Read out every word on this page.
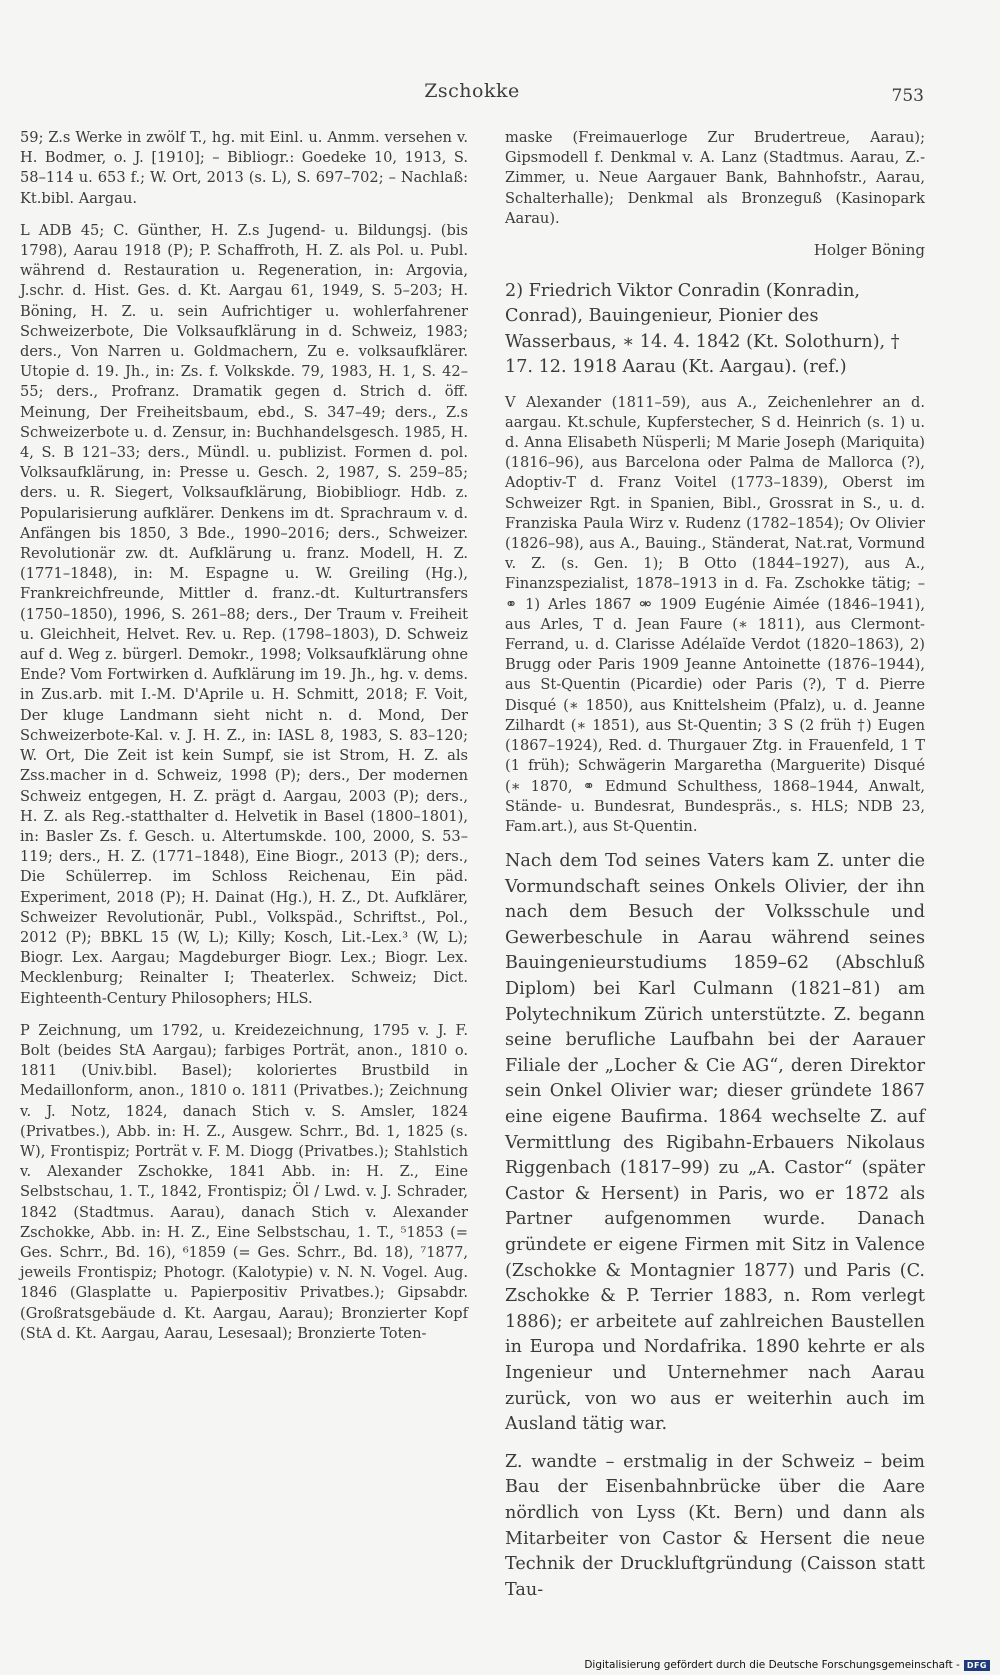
Zschokke	753

59; Z.s Werke in zwölf T., hg. mit Einl. u. Anmm. versehen v. H. Bodmer, o. J. [1910]; – Bibliogr.: Goedeke 10, 1913, S. 58–114 u. 653 f.; W. Ort, 2013 (s. L), S. 697–702; – Nachlaß: Kt.bibl. Aargau.

L ADB 45; C. Günther, H. Z.s Jugend- u. Bildungsj. (bis 1798), Aarau 1918 (P); P. Schaffroth, H. Z. als Pol. u. Publ. während d. Restauration u. Regeneration, in: Argovia, J.schr. d. Hist. Ges. d. Kt. Aargau 61, 1949, S. 5–203; H. Böning, H. Z. u. sein Aufrichtiger u. wohlerfahrener Schweizerbote, Die Volksaufklärung in d. Schweiz, 1983; ders., Von Narren u. Goldmachern, Zu e. volksaufklärer. Utopie d. 19. Jh., in: Zs. f. Volkskde. 79, 1983, H. 1, S. 42–55; ders., Profranz. Dramatik gegen d. Strich d. öff. Meinung, Der Freiheitsbaum, ebd., S. 347–49; ders., Z.s Schweizerbote u. d. Zensur, in: Buchhandelsgesch. 1985, H. 4, S. B 121–33; ders., Mündl. u. publizist. Formen d. pol. Volksaufklärung, in: Presse u. Gesch. 2, 1987, S. 259–85; ders. u. R. Siegert, Volksaufklärung, Biobibliogr. Hdb. z. Popularisierung aufklärer. Denkens im dt. Sprachraum v. d. Anfängen bis 1850, 3 Bde., 1990–2016; ders., Schweizer. Revolutionär zw. dt. Aufklärung u. franz. Modell, H. Z. (1771–1848), in: M. Espagne u. W. Greiling (Hg.), Frankreichfreunde, Mittler d. franz.-dt. Kulturtransfers (1750–1850), 1996, S. 261–88; ders., Der Traum v. Freiheit u. Gleichheit, Helvet. Rev. u. Rep. (1798–1803), D. Schweiz auf d. Weg z. bürgerl. Demokr., 1998; Volksaufklärung ohne Ende? Vom Fortwirken d. Aufklärung im 19. Jh., hg. v. dems. in Zus.arb. mit I.-M. D'Aprile u. H. Schmitt, 2018; F. Voit, Der kluge Landmann sieht nicht n. d. Mond, Der Schweizerbote-Kal. v. J. H. Z., in: IASL 8, 1983, S. 83–120; W. Ort, Die Zeit ist kein Sumpf, sie ist Strom, H. Z. als Zss.macher in d. Schweiz, 1998 (P); ders., Der modernen Schweiz entgegen, H. Z. prägt d. Aargau, 2003 (P); ders., H. Z. als Reg.-statthalter d. Helvetik in Basel (1800–1801), in: Basler Zs. f. Gesch. u. Altertumskde. 100, 2000, S. 53–119; ders., H. Z. (1771–1848), Eine Biogr., 2013 (P); ders., Die Schülerrep. im Schloss Reichenau, Ein päd. Experiment, 2018 (P); H. Dainat (Hg.), H. Z., Dt. Aufklärer, Schweizer Revolutionär, Publ., Volkspäd., Schriftst., Pol., 2012 (P); BBKL 15 (W, L); Killy; Kosch, Lit.-Lex.³ (W, L); Biogr. Lex. Aargau; Magdeburger Biogr. Lex.; Biogr. Lex. Mecklenburg; Reinalter I; Theaterlex. Schweiz; Dict. Eighteenth-Century Philosophers; HLS.

P Zeichnung, um 1792, u. Kreidezeichnung, 1795 v. J. F. Bolt (beides StA Aargau); farbiges Porträt, anon., 1810 o. 1811 (Univ.bibl. Basel); koloriertes Brustbild in Medaillonform, anon., 1810 o. 1811 (Privatbes.); Zeichnung v. J. Notz, 1824, danach Stich v. S. Amsler, 1824 (Privatbes.), Abb. in: H. Z., Ausgew. Schrr., Bd. 1, 1825 (s. W), Frontispiz; Porträt v. F. M. Diogg (Privatbes.); Stahlstich v. Alexander Zschokke, 1841 Abb. in: H. Z., Eine Selbstschau, 1. T., 1842, Frontispiz; Öl / Lwd. v. J. Schrader, 1842 (Stadtmus. Aarau), danach Stich v. Alexander Zschokke, Abb. in: H. Z., Eine Selbstschau, 1. T., ⁵1853 (= Ges. Schrr., Bd. 16), ⁶1859 (= Ges. Schrr., Bd. 18), ⁷1877, jeweils Frontispiz; Photogr. (Kalotypie) v. N. N. Vogel. Aug. 1846 (Glasplatte u. Papierpositiv Privatbes.); Gipsabdr. (Großratsgebäude d. Kt. Aargau, Aarau); Bronzierter Kopf (StA d. Kt. Aargau, Aarau, Lesesaal); Bronzierte Toten-

maske (Freimauerloge Zur Brudertreue, Aarau); Gipsmodell f. Denkmal v. A. Lanz (Stadtmus. Aarau, Z.-Zimmer, u. Neue Aargauer Bank, Bahnhofstr., Aarau, Schalterhalle); Denkmal als Bronzeguß (Kasinopark Aarau).

Holger Böning

2) Friedrich Viktor Conradin (Konradin, Conrad), Bauingenieur, Pionier des Wasserbaus, ∗ 14. 4. 1842 (Kt. Solothurn), † 17. 12. 1918 Aarau (Kt. Aargau). (ref.)

V Alexander (1811–59), aus A., Zeichenlehrer an d. aargau. Kt.schule, Kupferstecher, S d. Heinrich (s. 1) u. d. Anna Elisabeth Nüsperli; M Marie Joseph (Mariquita) (1816–96), aus Barcelona oder Palma de Mallorca (?), Adoptiv-T d. Franz Voitel (1773–1839), Oberst im Schweizer Rgt. in Spanien, Bibl., Grossrat in S., u. d. Franziska Paula Wirz v. Rudenz (1782–1854); Ov Olivier (1826–98), aus A., Bauing., Ständerat, Nat.rat, Vormund v. Z. (s. Gen. 1); B Otto (1844–1927), aus A., Finanzspezialist, 1878–1913 in d. Fa. Zschokke tätig; – ⚭ 1) Arles 1867 ⚮ 1909 Eugénie Aimée (1846–1941), aus Arles, T d. Jean Faure (∗ 1811), aus Clermont-Ferrand, u. d. Clarisse Adélaïde Verdot (1820–1863), 2) Brugg oder Paris 1909 Jeanne Antoinette (1876–1944), aus St-Quentin (Picardie) oder Paris (?), T d. Pierre Disqué (∗ 1850), aus Knittelsheim (Pfalz), u. d. Jeanne Zilhardt (∗ 1851), aus St-Quentin; 3 S (2 früh †) Eugen (1867–1924), Red. d. Thurgauer Ztg. in Frauenfeld, 1 T (1 früh); Schwägerin Margaretha (Marguerite) Disqué (∗ 1870, ⚭ Edmund Schulthess, 1868–1944, Anwalt, Stände- u. Bundesrat, Bundespräs., s. HLS; NDB 23, Fam.art.), aus St-Quentin.

Nach dem Tod seines Vaters kam Z. unter die Vormundschaft seines Onkels Olivier, der ihn nach dem Besuch der Volksschule und Gewerbeschule in Aarau während seines Bauingenieurstudiums 1859–62 (Abschluß Diplom) bei Karl Culmann (1821–81) am Polytechnikum Zürich unterstützte. Z. begann seine berufliche Laufbahn bei der Aarauer Filiale der „Locher & Cie AG“, deren Direktor sein Onkel Olivier war; dieser gründete 1867 eine eigene Baufirma. 1864 wechselte Z. auf Vermittlung des Rigibahn-Erbauers Nikolaus Riggenbach (1817–99) zu „A. Castor“ (später Castor & Hersent) in Paris, wo er 1872 als Partner aufgenommen wurde. Danach gründete er eigene Firmen mit Sitz in Valence (Zschokke & Montagnier 1877) und Paris (C. Zschokke & P. Terrier 1883, n. Rom verlegt 1886); er arbeitete auf zahlreichen Baustellen in Europa und Nordafrika. 1890 kehrte er als Ingenieur und Unternehmer nach Aarau zurück, von wo aus er weiterhin auch im Ausland tätig war.

Z. wandte – erstmalig in der Schweiz – beim Bau der Eisenbahnbrücke über die Aare nördlich von Lyss (Kt. Bern) und dann als Mitarbeiter von Castor & Hersent die neue Technik der Druckluftgründung (Caisson statt Tau-

Digitalisierung gefördert durch die Deutsche Forschungsgemeinschaft - DFG
